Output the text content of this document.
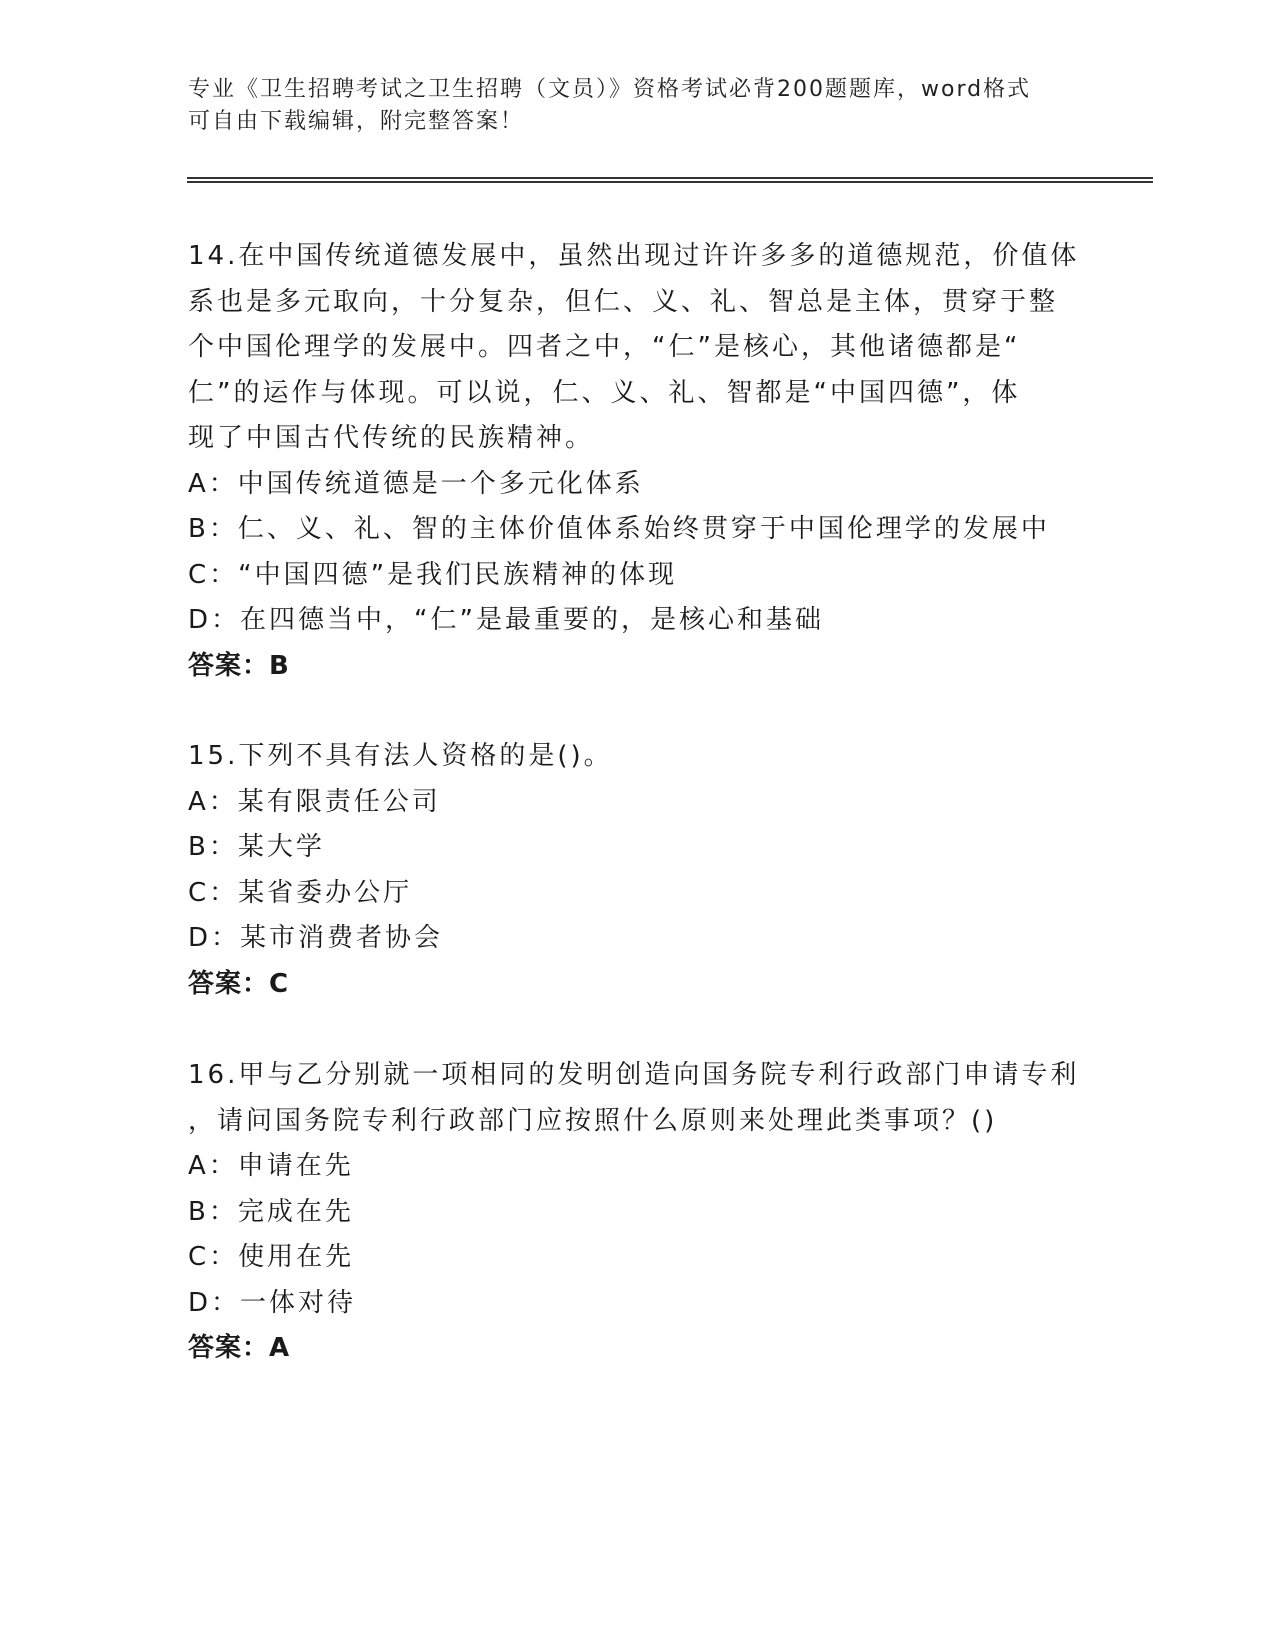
专业《卫生招聘考试之卫生招聘（文员）》资格考试必背200题题库，word格式
可自由下载编辑，附完整答案！

14.在中国传统道德发展中，虽然出现过许许多多的道德规范，价值体

系也是多元取向，十分复杂，但仁、义、礼、智总是主体，贯穿于整

个中国伦理学的发展中。四者之中，“仁”是核心，其他诸德都是“

仁”的运作与体现。可以说，仁、义、礼、智都是“中国四德”，体

现了中国古代传统的民族精神。

A：中国传统道德是一个多元化体系

B：仁、义、礼、智的主体价值体系始终贯穿于中国伦理学的发展中

C：“中国四德”是我们民族精神的体现

D：在四德当中，“仁”是最重要的，是核心和基础

答案：B

15.下列不具有法人资格的是()。

A：某有限责任公司

B：某大学

C：某省委办公厅

D：某市消费者协会

答案：C

16.甲与乙分别就一项相同的发明创造向国务院专利行政部门申请专利

，请问国务院专利行政部门应按照什么原则来处理此类事项？()

A：申请在先

B：完成在先

C：使用在先

D：一体对待

答案：A
